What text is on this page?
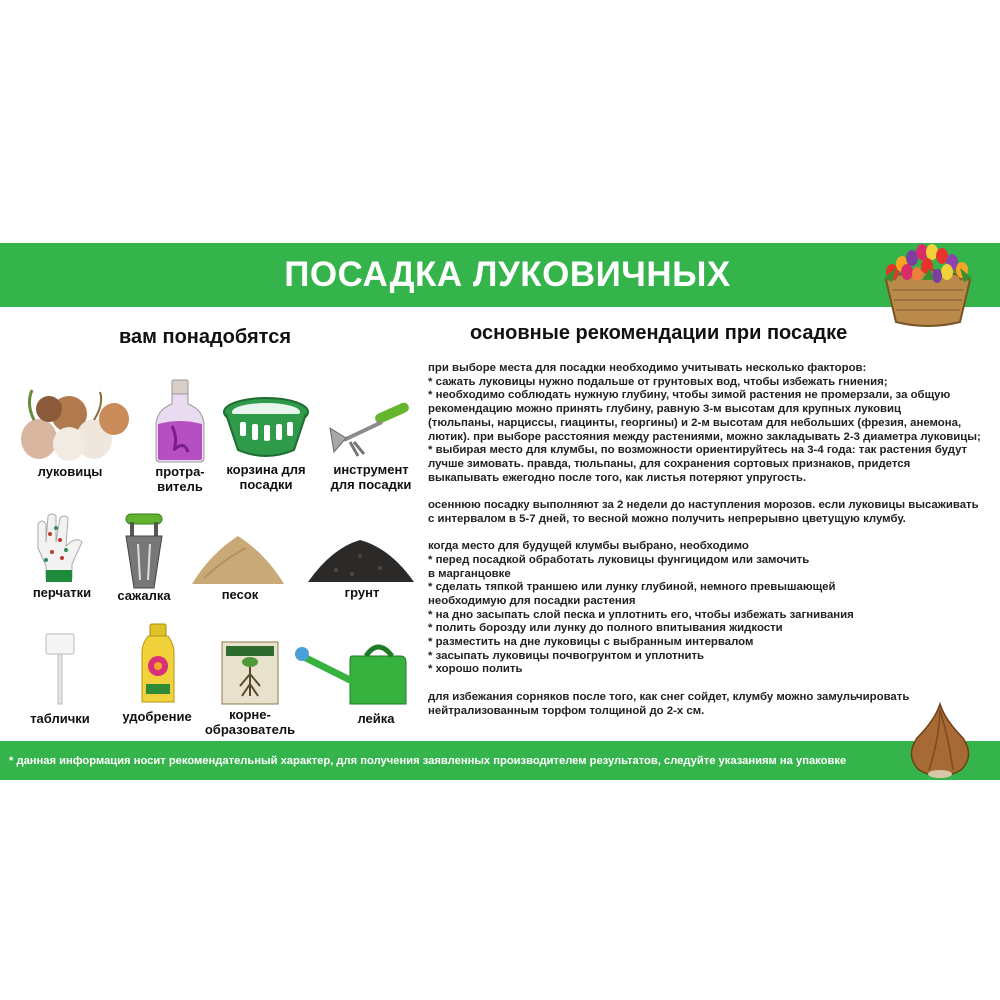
ПОСАДКА ЛУКОВИЧНЫХ
вам понадобятся
луковицы	протра-
витель
корзина для
посадки
инструмент
для посадки
перчатки	сажалка	песок	грунт
таблички	удобрение	корне-
образователь
лейка
основные рекомендации при посадке
при выборе места для посадки необходимо учитывать несколько факторов:
* сажать луковицы нужно подальше от грунтовых вод, чтобы избежать гниения;
* необходимо соблюдать нужную глубину, чтобы зимой растения не промерзали, за общую
рекомендацию можно принять глубину, равную 3-м высотам для крупных луковиц
(тюльпаны, нарциссы, гиацинты, георгины) и 2-м высотам для небольших (фрезия, анемона,
лютик). при выборе расстояния между растениями, можно закладывать 2-3 диаметра луковицы;
* выбирая место для клумбы, по возможности ориентируйтесь на 3-4 года: так растения будут
лучше зимовать. правда, тюльпаны, для сохранения сортовых признаков, придется
выкапывать ежегодно после того, как листья потеряют упругость.

осеннюю посадку выполняют за 2 недели до наступления морозов. если луковицы высаживать
с интервалом в 5-7 дней, то весной можно получить непрерывно цветущую клумбу.

когда место для будущей клумбы выбрано, необходимо
* перед посадкой обработать луковицы фунгицидом или замочить
в марганцовке
* сделать тяпкой траншею или лунку глубиной, немного превышающей
необходимую для посадки растения
* на дно засыпать слой песка и уплотнить его, чтобы избежать загнивания
* полить борозду или лунку до полного впитывания жидкости
* разместить на дне луковицы с выбранным интервалом
* засыпать луковицы почвогрунтом и уплотнить
* хорошо полить

для избежания сорняков после того, как снег сойдет, клумбу можно замульчировать
нейтрализованным торфом толщиной до 2-х см.
* данная информация носит рекомендательный характер, для получения заявленных производителем результатов, следуйте указаниям на упаковке
